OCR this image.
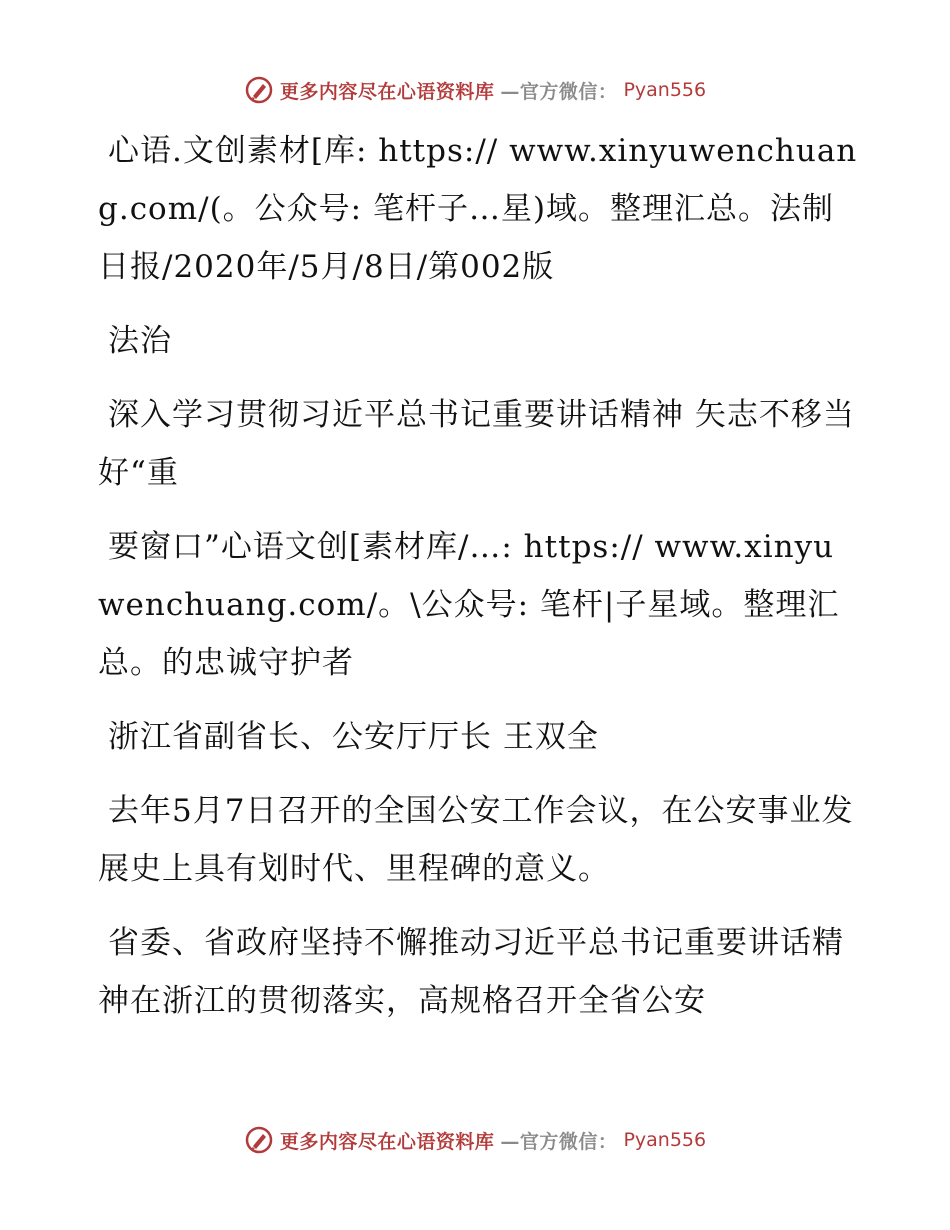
更多内容尽在心语资料库 —官方微信： Pyan556

心语.文创素材[库: https:// www.xinyuwenchuang.com/(。公众号: 笔杆子…星)域。整理汇总。法制日报/2020年/5月/8日/第002版

法治

深入学习贯彻习近平总书记重要讲话精神 矢志不移当好“重

要窗口”心语文创[素材库/…: https:// www.xinyuwenchuang.com/。\公众号: 笔杆|子星域。整理汇总。的忠诚守护者

浙江省副省长、公安厅厅长 王双全

去年5月7日召开的全国公安工作会议，在公安事业发展史上具有划时代、里程碑的意义。

省委、省政府坚持不懈推动习近平总书记重要讲话精神在浙江的贯彻落实，高规格召开全省公安

更多内容尽在心语资料库 —官方微信： Pyan556
